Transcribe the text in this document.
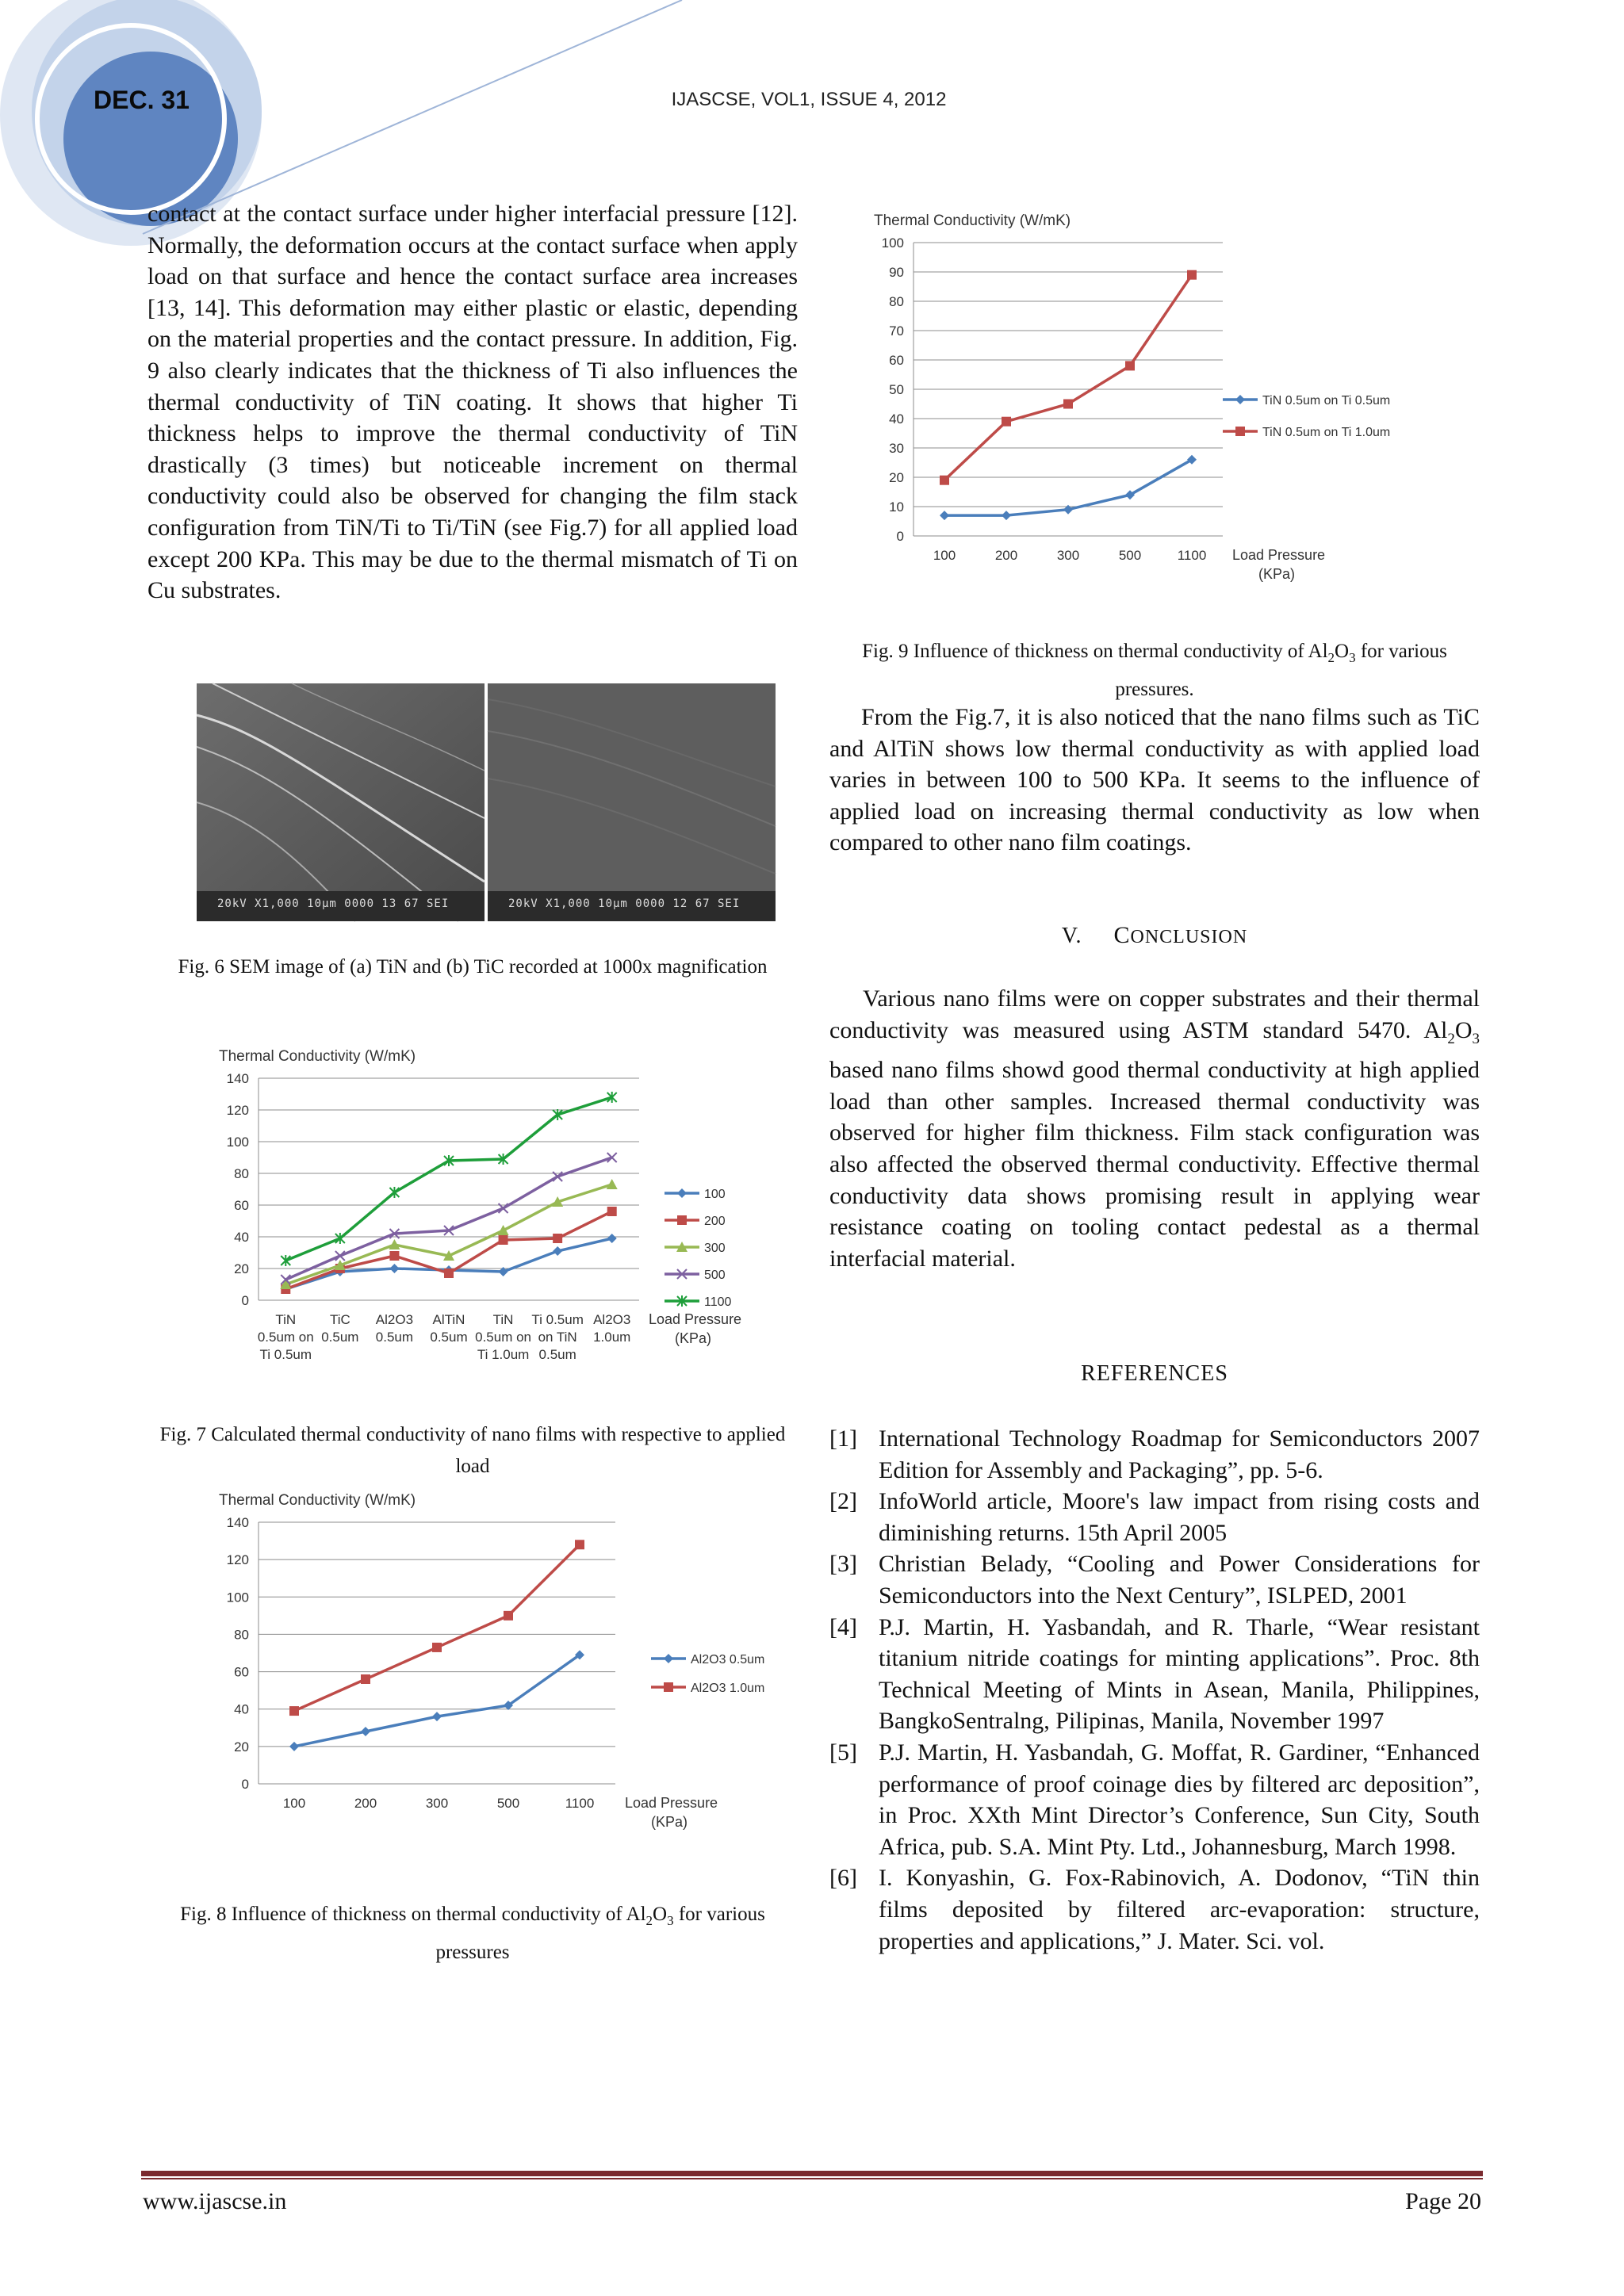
DEC. 31	IJASCSE, VOL1, ISSUE 4, 2012

contact at the contact surface under higher interfacial pressure [12]. Normally, the deformation occurs at the contact surface when apply load on that surface and hence the contact surface area increases [13, 14]. This deformation may either plastic or elastic, depending on the material properties and the contact pressure. In addition, Fig. 9 also clearly indicates that the thickness of Ti also influences the thermal conductivity of TiN coating. It shows that higher Ti thickness helps to improve the thermal conductivity of TiN drastically (3 times) but noticeable increment on thermal conductivity could also be observed for changing the film stack configuration from TiN/Ti to Ti/TiN (see Fig.7) for all applied load except 200 KPa. This may be due to the thermal mismatch of Ti on Cu substrates.

20kV X1,000 10µm 0000 13 67 SEI	20kV X1,000 10µm 0000 12 67 SEI

Fig. 6 SEM image of (a) TiN and (b) TiC recorded at 1000x magnification

Thermal Conductivity (W/mK)
0
20
40
60
80
100
120
140
TiN
0.5um on
Ti 0.5um
TiC
0.5um
Al2O3
0.5um
AlTiN
0.5um
TiN
0.5um on
Ti 1.0um
Ti 0.5um
on TiN
0.5um
Al2O3
1.0um
Load Pressure
(KPa)
100
200
300
500
1100

Fig. 7 Calculated thermal conductivity of nano films with respective to applied load

Thermal Conductivity (W/mK)
0
20
40
60
80
100
120
140
100	200	300	500	1100 Load Pressure
(KPa)
Al2O3 0.5um
Al2O3 1.0um

Fig. 8 Influence of thickness on thermal conductivity of $Al_2O_3$ for various pressures

Thermal Conductivity (W/mK)
0
10
20
30
40
50
60
70
80
90
100
100	200	300	500	1100 Load Pressure
(KPa)
TiN 0.5um on Ti 0.5um
TiN 0.5um on Ti 1.0um

Fig. 9 Influence of thickness on thermal conductivity of $Al_2O_3$ for various pressures.

From the Fig.7, it is also noticed that the nano films such as TiC and AlTiN shows low thermal conductivity as with applied load varies in between 100 to 500 KPa. It seems to the influence of applied load on increasing thermal conductivity as low when compared to other nano film coatings.

V. CONCLUSION

Various nano films were on copper substrates and their thermal conductivity was measured using ASTM standard 5470. $Al_2O_3$ based nano films showd good thermal conductivity at high applied load than other samples. Increased thermal conductivity was observed for higher film thickness. Film stack configuration was also affected the observed thermal conductivity. Effective thermal conductivity data shows promising result in applying wear resistance coating on tooling contact pedestal as a thermal interfacial material.

REFERENCES
[1] International Technology Roadmap for Semiconductors 2007 Edition for Assembly and Packaging”, pp. 5-6.
[2] InfoWorld article, Moore's law impact from rising costs and diminishing returns. 15th April 2005
[3] Christian Belady, “Cooling and Power Considerations for Semiconductors into the Next Century”, ISLPED, 2001
[4] P.J. Martin, H. Yasbandah, and R. Tharle, “Wear resistant titanium nitride coatings for minting applications”. Proc. 8th Technical Meeting of Mints in Asean, Manila, Philippines, BangkoSentralng, Pilipinas, Manila, November 1997
[5] P.J. Martin, H. Yasbandah, G. Moffat, R. Gardiner, “Enhanced performance of proof coinage dies by filtered arc deposition”, in Proc. XXth Mint Director’s Conference, Sun City, South Africa, pub. S.A. Mint Pty. Ltd., Johannesburg, March 1998.
[6] I. Konyashin, G. Fox-Rabinovich, A. Dodonov, “TiN thin films deposited by filtered arc-evaporation: structure, properties and applications,” J. Mater. Sci. vol.
www.ijascse.in	Page 20
